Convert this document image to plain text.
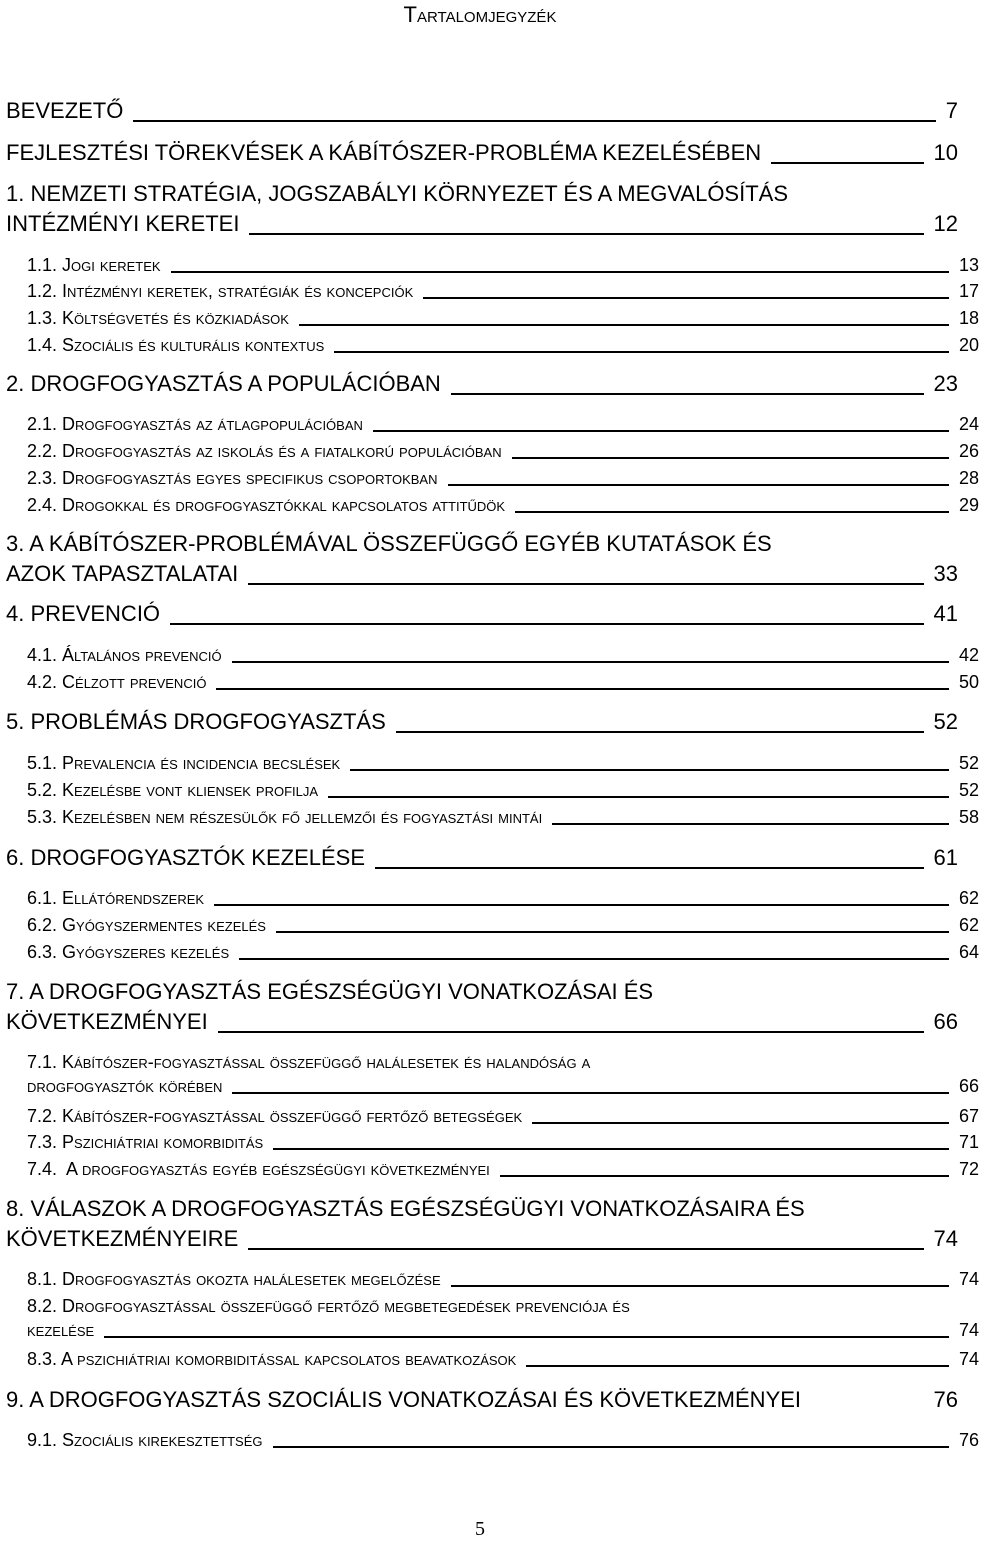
Tartalomjegyzék
BEVEZETŐ	7
FEJLESZTÉSI TÖREKVÉSEK A KÁBÍTÓSZER-PROBLÉMA KEZELÉSÉBEN	10
1. NEMZETI STRATÉGIA, JOGSZABÁLYI KÖRNYEZET ÉS A MEGVALÓSÍTÁS
INTÉZMÉNYI KERETEI	12
1.1. Jogi keretek	13
1.2. Intézményi keretek, stratégiák és koncepciók	17
1.3. Költségvetés és közkiadások	18
1.4. Szociális és kulturális kontextus	20
2. DROGFOGYASZTÁS A POPULÁCIÓBAN	23
2.1. Drogfogyasztás az átlagpopulációban	24
2.2. Drogfogyasztás az iskolás és a fiatalkorú populációban	26
2.3. Drogfogyasztás egyes specifikus csoportokban	28
2.4. Drogokkal és drogfogyasztókkal kapcsolatos attitűdök	29
3. A KÁBÍTÓSZER-PROBLÉMÁVAL ÖSSZEFÜGGŐ EGYÉB KUTATÁSOK ÉS
AZOK TAPASZTALATAI	33
4. PREVENCIÓ	41
4.1. Általános prevenció	42
4.2. Célzott prevenció	50
5. PROBLÉMÁS DROGFOGYASZTÁS	52
5.1. Prevalencia és incidencia becslések	52
5.2. Kezelésbe vont kliensek profilja	52
5.3. Kezelésben nem részesülők fő jellemzői és fogyasztási mintái	58
6. DROGFOGYASZTÓK KEZELÉSE	61
6.1. Ellátórendszerek	62
6.2. Gyógyszermentes kezelés	62
6.3. Gyógyszeres kezelés	64
7. A DROGFOGYASZTÁS EGÉSZSÉGÜGYI VONATKOZÁSAI ÉS
KÖVETKEZMÉNYEI	66
7.1. Kábítószer-fogyasztással összefüggő halálesetek és halandóság a
drogfogyasztók körében	66
7.2. Kábítószer-fogyasztással összefüggő fertőző betegségek	67
7.3. Pszichiátriai komorbiditás	71
7.4.  A drogfogyasztás egyéb egészségügyi következményei	72
8. VÁLASZOK A DROGFOGYASZTÁS EGÉSZSÉGÜGYI VONATKOZÁSAIRA ÉS
KÖVETKEZMÉNYEIRE	74
8.1. Drogfogyasztás okozta halálesetek megelőzése	74
8.2. Drogfogyasztással összefüggő fertőző megbetegedések prevenciója és
kezelése	74
8.3. A pszichiátriai komorbiditással kapcsolatos beavatkozások	74
9. A DROGFOGYASZTÁS SZOCIÁLIS VONATKOZÁSAI ÉS KÖVETKEZMÉNYEI	76
9.1. Szociális kirekesztettség	76
5
